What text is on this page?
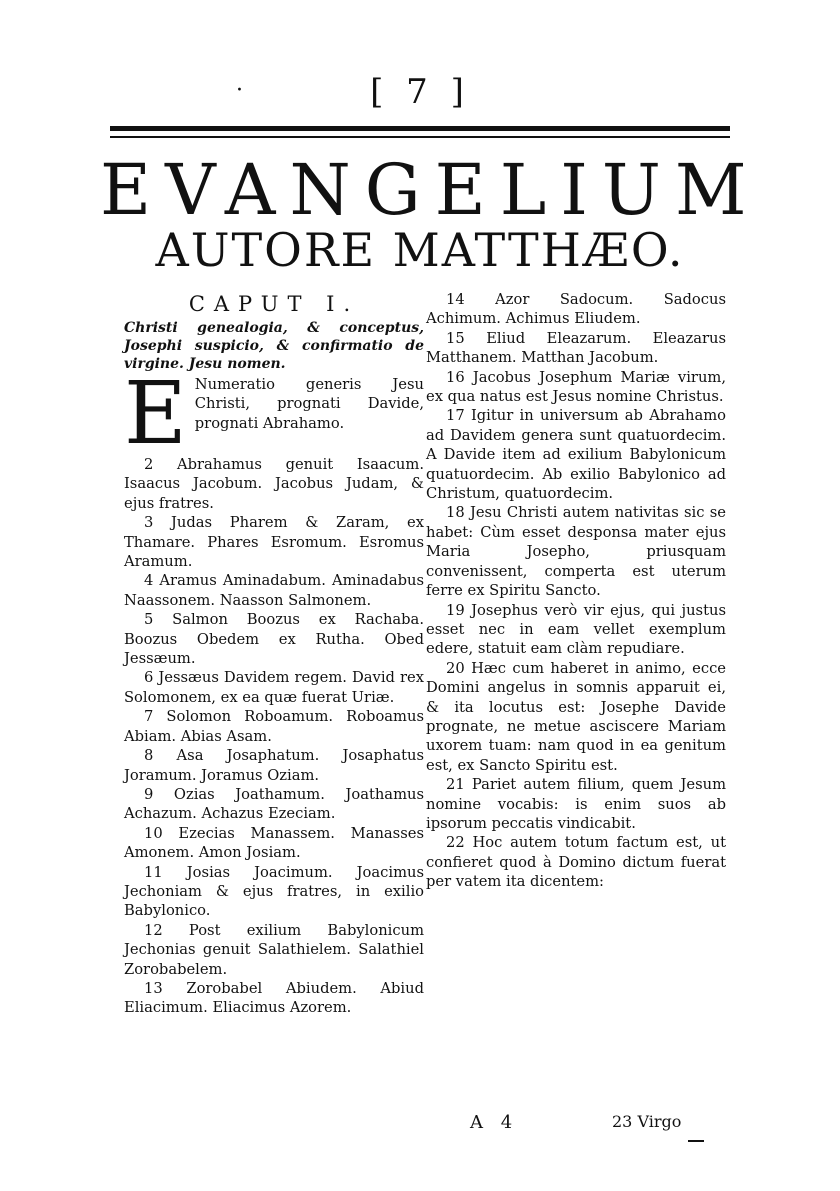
·	[ 7 ]
EVANGELIUM
AUTORE MATTHÆO.
CAPUT I.
Christi genealogia, & conceptus, Josephi suspicio, & confirmatio de virgine. Jesu nomen.

E Numeratio generis Jesu Christi, prognati Davide, prognati Abrahamo.

2 Abrahamus genuit Isaacum. Isaacus Jacobum. Jacobus Judam, & ejus fratres.

3 Judas Pharem & Zaram, ex Thamare. Phares Esromum. Esromus Aramum.

4 Aramus Aminadabum. Aminadabus Naassonem. Naasson Salmonem.

5 Salmon Boozus ex Rachaba. Boozus Obedem ex Rutha. Obed Jessæum.

6 Jessæus Davidem regem. David rex Solomonem, ex ea quæ fuerat Uriæ.

7 Solomon Roboamum. Roboamus Abiam. Abias Asam.

8 Asa Josaphatum. Josaphatus Joramum. Joramus Oziam.

9 Ozias Joathamum. Joathamus Achazum. Achazus Ezeciam.

10 Ezecias Manassem. Manasses Amonem. Amon Josiam.

11 Josias Joacimum. Joacimus Jechoniam & ejus fratres, in exilio Babylonico.

12 Post exilium Babylonicum Jechonias genuit Salathielem. Salathiel Zorobabelem.

13 Zorobabel Abiudem. Abiud Eliacimum. Eliacimus Azorem.

14 Azor Sadocum. Sadocus Achimum. Achimus Eliudem.

15 Eliud Eleazarum. Eleazarus Matthanem. Matthan Jacobum.

16 Jacobus Josephum Mariæ virum, ex qua natus est Jesus nomine Christus.

17 Igitur in universum ab Abrahamo ad Davidem genera sunt quatuordecim. A Davide item ad exilium Babylonicum quatuordecim. Ab exilio Babylonico ad Christum, quatuordecim.

18 Jesu Christi autem nativitas sic se habet: Cùm esset desponsa mater ejus Maria Josepho, priusquam convenissent, comperta est uterum ferre ex Spiritu Sancto.

19 Josephus verò vir ejus, qui justus esset nec in eam vellet exemplum edere, statuit eam clàm repudiare.

20 Hæc cum haberet in animo, ecce Domini angelus in somnis apparuit ei, & ita locutus est: Josephe Davide prognate, ne metue asciscere Mariam uxorem tuam: nam quod in ea genitum est, ex Sancto Spiritu est.

21 Pariet autem filium, quem Jesum nomine vocabis: is enim suos ab ipsorum peccatis vindicabit.

22 Hoc autem totum factum est, ut confieret quod à Domino dictum fuerat per vatem ita dicentem:

A 4	23 Virgo
